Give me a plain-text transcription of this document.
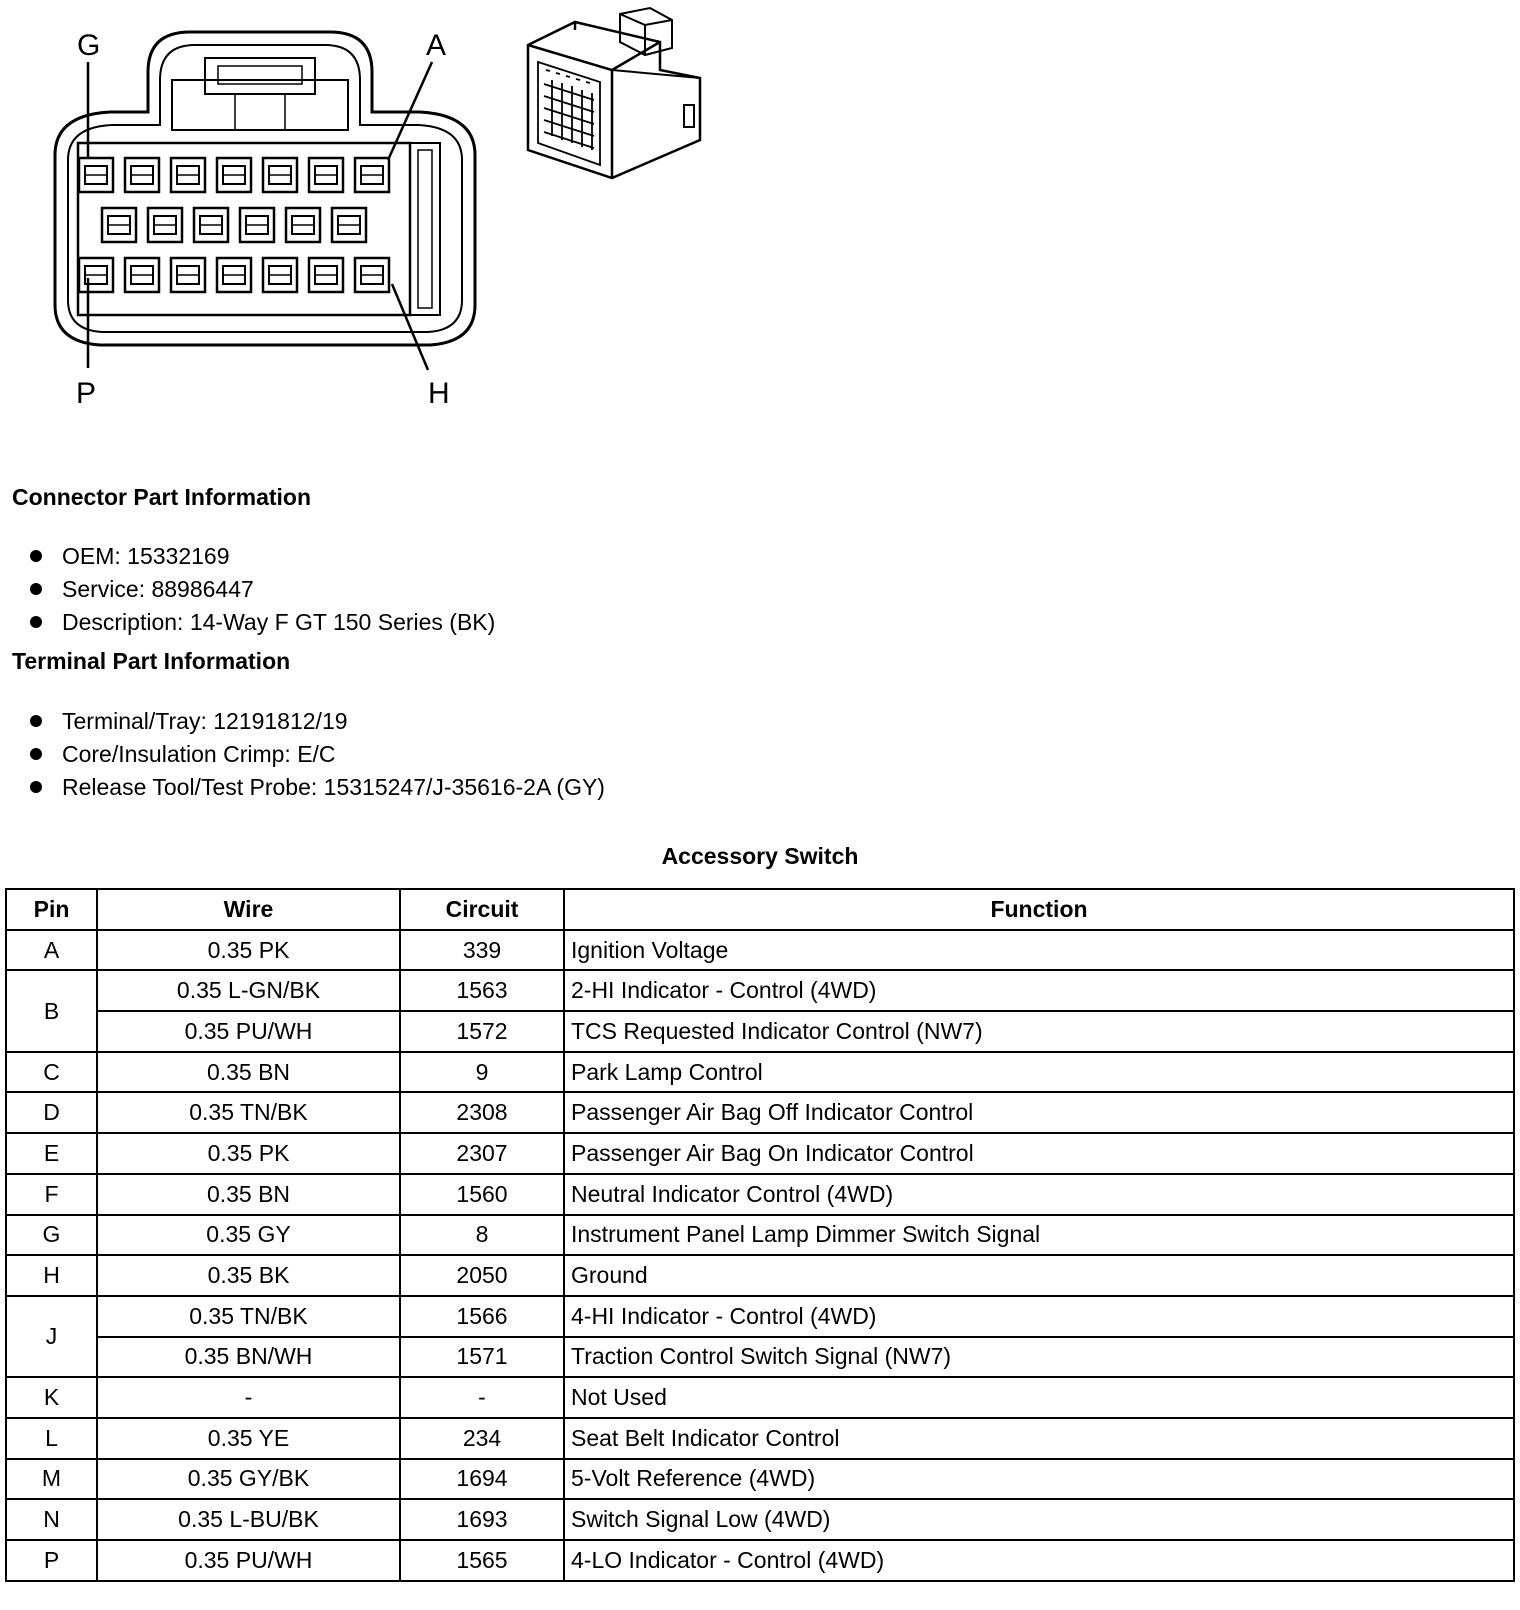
G	A
P	H
Connector Part Information
OEM: 15332169
Service: 88986447
Description: 14-Way F GT 150 Series (BK)
Terminal Part Information
Terminal/Tray: 12191812/19
Core/Insulation Crimp: E/C
Release Tool/Test Probe: 15315247/J-35616-2A (GY)
Accessory Switch
Pin	Wire	Circuit	Function
A	0.35 PK	339	Ignition Voltage
B	0.35 L-GN/BK	1563	2-HI Indicator - Control (4WD)
	0.35 PU/WH	1572	TCS Requested Indicator Control (NW7)
C	0.35 BN	9	Park Lamp Control
D	0.35 TN/BK	2308	Passenger Air Bag Off Indicator Control
E	0.35 PK	2307	Passenger Air Bag On Indicator Control
F	0.35 BN	1560	Neutral Indicator Control (4WD)
G	0.35 GY	8	Instrument Panel Lamp Dimmer Switch Signal
H	0.35 BK	2050	Ground
J	0.35 TN/BK	1566	4-HI Indicator - Control (4WD)
	0.35 BN/WH	1571	Traction Control Switch Signal (NW7)
K	-	-	Not Used
L	0.35 YE	234	Seat Belt Indicator Control
M	0.35 GY/BK	1694	5-Volt Reference (4WD)
N	0.35 L-BU/BK	1693	Switch Signal Low (4WD)
P	0.35 PU/WH	1565	4-LO Indicator - Control (4WD)
